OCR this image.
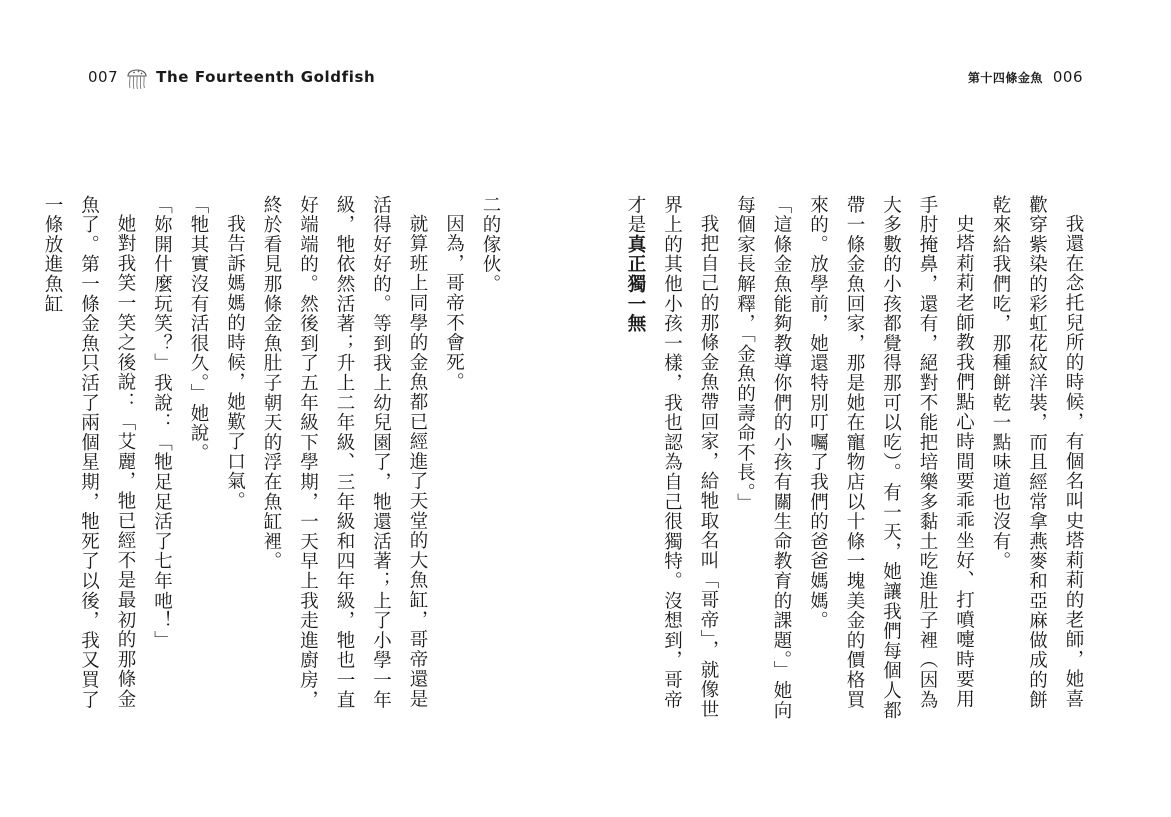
007	The Fourteenth Goldfish

二的傢伙。

因為，哥帝不會死。

就算班上同學的金魚都已經進了天堂的大魚缸，哥帝還是活得好好的。等到我上幼兒園了，牠還活著；上了小學一年級，牠依然活著；升上二年級、三年級和四年級，牠也一直好端端的。然後到了五年級下學期，一天早上我走進廚房，終於看見那條金魚肚子朝天的浮在魚缸裡。

我告訴媽媽的時候，她歎了口氣。

「牠其實沒有活很久。」她說。

「妳開什麼玩笑？」我說：「牠足足活了七年吔！」

她對我笑一笑之後說：「艾麗，牠已經不是最初的那條金魚了。第一條金魚只活了兩個星期，牠死了以後，我又買了一條放進魚缸

第十四條金魚 006

我還在念托兒所的時候，有個名叫史塔莉莉的老師，她喜歡穿紫染的彩虹花紋洋裝，而且經常拿燕麥和亞麻做成的餅乾來給我們吃，那種餅乾一點味道也沒有。

史塔莉莉老師教我們點心時間要乖乖坐好、打噴嚏時要用手肘掩鼻，還有，絕對不能把培樂多黏土吃進肚子裡（因為大多數的小孩都覺得那可以吃）。有一天，她讓我們每個人都帶一條金魚回家，那是她在寵物店以十條一塊美金的價格買來的。放學前，她還特別叮囑了我們的爸爸媽媽。

「這條金魚能夠教導你們的小孩有關生命教育的課題。」她向每個家長解釋，「金魚的壽命不長。」

我把自己的那條金魚帶回家，給牠取名叫「哥帝」，就像世界上的其他小孩一樣，我也認為自己很獨特。沒想到，哥帝才是真正獨一無
